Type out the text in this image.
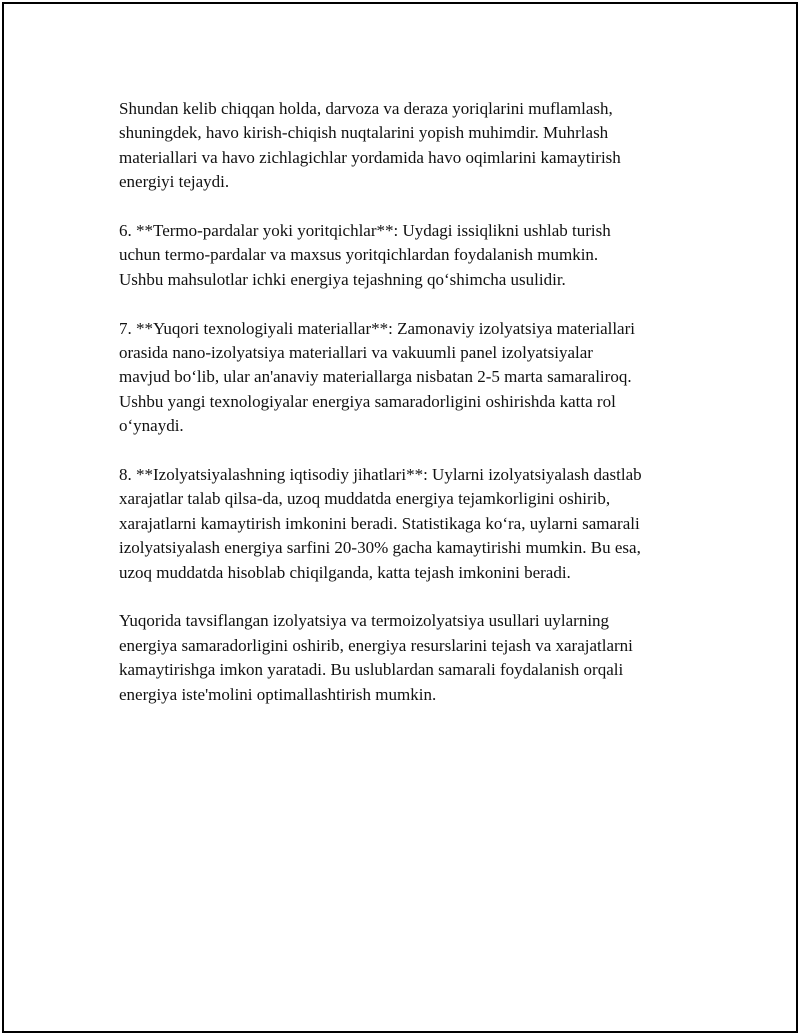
Shundan kelib chiqqan holda, darvoza va deraza yoriqlarini muflamlash,
shuningdek, havo kirish-chiqish nuqtalarini yopish muhimdir. Muhrlash
materiallari va havo zichlagichlar yordamida havo oqimlarini kamaytirish
energiyi tejaydi.

6. **Termo-pardalar yoki yoritqichlar**: Uydagi issiqlikni ushlab turish
uchun termo-pardalar va maxsus yoritqichlardan foydalanish mumkin.
Ushbu mahsulotlar ichki energiya tejashning qo‘shimcha usulidir.

7. **Yuqori texnologiyali materiallar**: Zamonaviy izolyatsiya materiallari
orasida nano-izolyatsiya materiallari va vakuumli panel izolyatsiyalar
mavjud bo‘lib, ular an'anaviy materiallarga nisbatan 2-5 marta samaraliroq.
Ushbu yangi texnologiyalar energiya samaradorligini oshirishda katta rol
o‘ynaydi.

8. **Izolyatsiyalashning iqtisodiy jihatlari**: Uylarni izolyatsiyalash dastlab
xarajatlar talab qilsa-da, uzoq muddatda energiya tejamkorligini oshirib,
xarajatlarni kamaytirish imkonini beradi. Statistikaga ko‘ra, uylarni samarali
izolyatsiyalash energiya sarfini 20-30% gacha kamaytirishi mumkin. Bu esa,
uzoq muddatda hisoblab chiqilganda, katta tejash imkonini beradi.

Yuqorida tavsiflangan izolyatsiya va termoizolyatsiya usullari uylarning
energiya samaradorligini oshirib, energiya resurslarini tejash va xarajatlarni
kamaytirishga imkon yaratadi. Bu uslublardan samarali foydalanish orqali
energiya iste'molini optimallashtirish mumkin.
